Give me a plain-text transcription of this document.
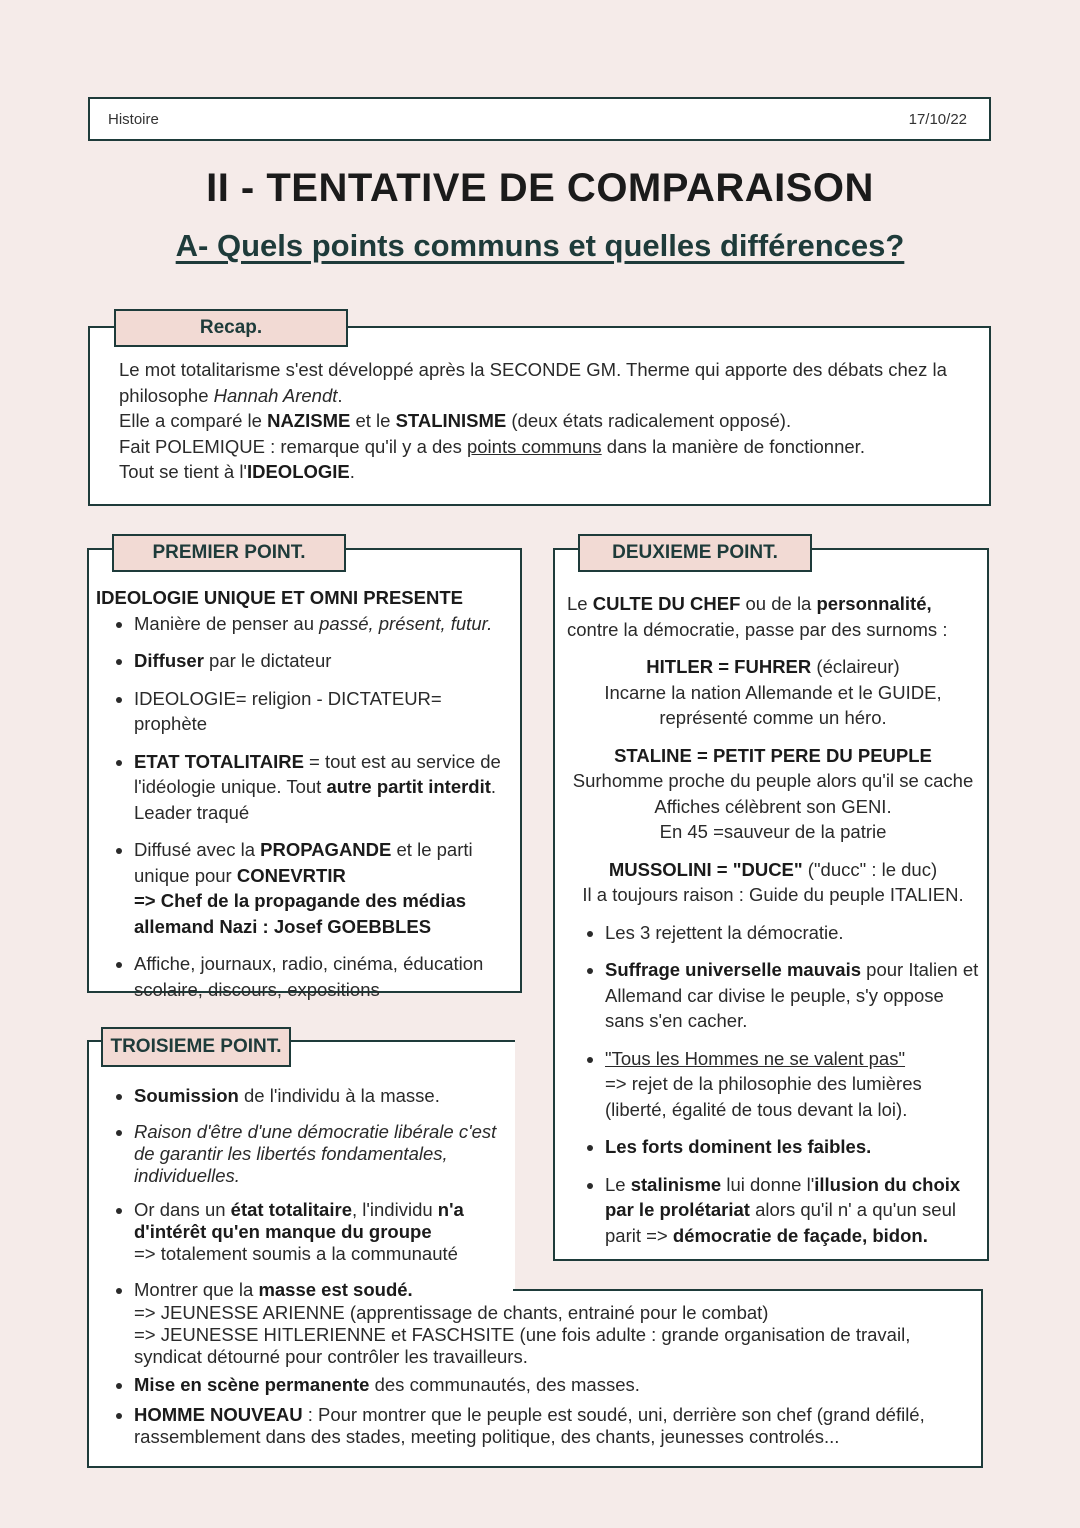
Histoire	17/10/22
II - TENTATIVE DE COMPARAISON
A- Quels points communs et quelles différences?
Recap.

Le mot totalitarisme s'est développé après la SECONDE GM. Therme qui apporte des débats chez la philosophe Hannah Arendt.

Elle a comparé le NAZISME et le STALINISME (deux états radicalement opposé).

Fait POLEMIQUE : remarque qu'il y a des points communs dans la manière de fonctionner.

Tout se tient à l'IDEOLOGIE.

PREMIER POINT.

IDEOLOGIE UNIQUE ET OMNI PRESENTE

• Manière de penser au passé, présent, futur.
• Diffuser par le dictateur
• IDEOLOGIE= religion - DICTATEUR= prophète
• ETAT TOTALITAIRE = tout est au service de l'idéologie unique. Tout autre partit interdit. Leader traqué
• Diffusé avec la PROPAGANDE et le parti unique pour CONEVRTIR
=> Chef de la propagande des médias allemand Nazi : Josef GOEBBLES
• Affiche, journaux, radio, cinéma, éducation scolaire, discours, expositions
DEUXIEME POINT.

Le CULTE DU CHEF ou de la personnalité,

contre la démocratie, passe par des surnoms :

HITLER = FUHRER (éclaireur)

Incarne la nation Allemande et le GUIDE,

représenté comme un héro.

STALINE = PETIT PERE DU PEUPLE

Surhomme proche du peuple alors qu'il se cache

Affiches célèbrent son GENI.

En 45 =sauveur de la patrie

MUSSOLINI = "DUCE" ("ducc" : le duc)

Il a toujours raison : Guide du peuple ITALIEN.

• Les 3 rejettent la démocratie.
• Suffrage universelle mauvais pour Italien et Allemand car divise le peuple, s'y oppose sans s'en cacher.
• "Tous les Hommes ne se valent pas"
=> rejet de la philosophie des lumières (liberté, égalité de tous devant la loi).
• Les forts dominent les faibles.
• Le stalinisme lui donne l'illusion du choix par le prolétariat alors qu'il n' a qu'un seul parit => démocratie de façade, bidon.
TROISIEME POINT.
• Soumission de l'individu à la masse.
• Raison d'être d'une démocratie libérale c'est de garantir les libertés fondamentales, individuelles.
• Or dans un état totalitaire, l'individu n'a d'intérêt qu'en manque du groupe
=> totalement soumis a la communauté
• Montrer que la masse est soudé.

=> JEUNESSE ARIENNE (apprentissage de chants, entrainé pour le combat)

=> JEUNESSE HITLERIENNE et FASCHSITE (une fois adulte : grande organisation de travail, syndicat détourné pour contrôler les travailleurs.

• Mise en scène permanente des communautés, des masses.
• HOMME NOUVEAU : Pour montrer que le peuple est soudé, uni, derrière son chef (grand défilé, rassemblement dans des stades, meeting politique, des chants, jeunesses controlés...
